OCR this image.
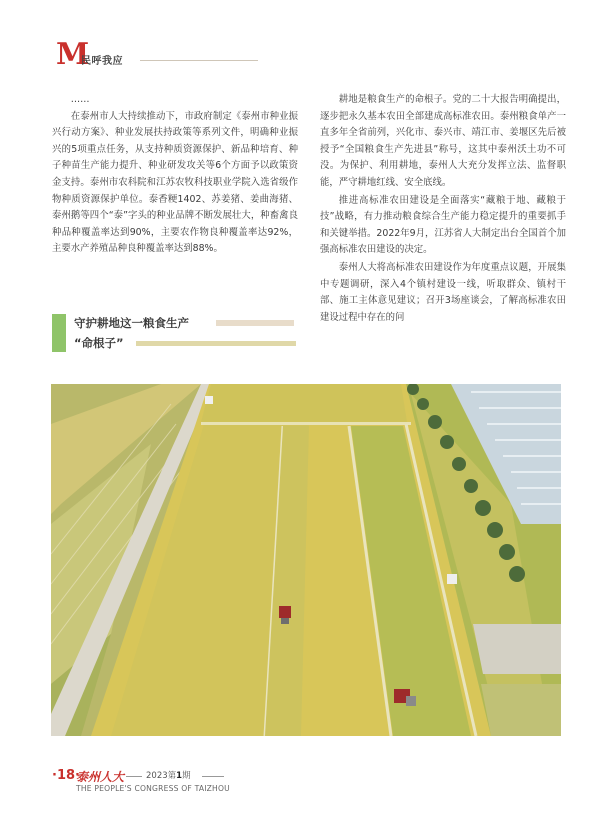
M
民呼我应

……

在泰州市人大持续推动下，市政府制定《泰州市种业振兴行动方案》、种业发展扶持政策等系列文件，明确种业振兴的5项重点任务，从支持种质资源保护、新品种培育、种子种苗生产能力提升、种业研发攻关等6个方面予以政策资金支持。泰州市农科院和江苏农牧科技职业学院入选省级作物种质资源保护单位。泰香粳1402、苏姜猪、姜曲海猪、泰州鹅等四个“泰”字头的种业品牌不断发展壮大，种畜禽良种品种覆盖率达到90%，主要农作物良种覆盖率达92%，主要水产养殖品种良种覆盖率达到88%。

守护耕地这一粮食生产
“命根子”

耕地是粮食生产的命根子。党的二十大报告明确提出，逐步把永久基本农田全部建成高标准农田。泰州粮食单产一直多年全省前列，兴化市、泰兴市、靖江市、姜堰区先后被授予“全国粮食生产先进县”称号，这其中泰州沃土功不可没。为保护、利用耕地，泰州人大充分发挥立法、监督职能，严守耕地红线、安全底线。

推进高标准农田建设是全面落实“藏粮于地、藏粮于技”战略，有力推动粮食综合生产能力稳定提升的重要抓手和关键举措。2022年9月，江苏省人大制定出台全国首个加强高标准农田建设的决定。

泰州人大将高标准农田建设作为年度重点议题，开展集中专题调研，深入4个镇村建设一线，听取群众、镇村干部、施工主体意见建议；召开3场座谈会，了解高标准农田建设过程中存在的问

·18·
泰州人大	2023第1期
THE PEOPLE'S CONGRESS OF TAIZHOU
